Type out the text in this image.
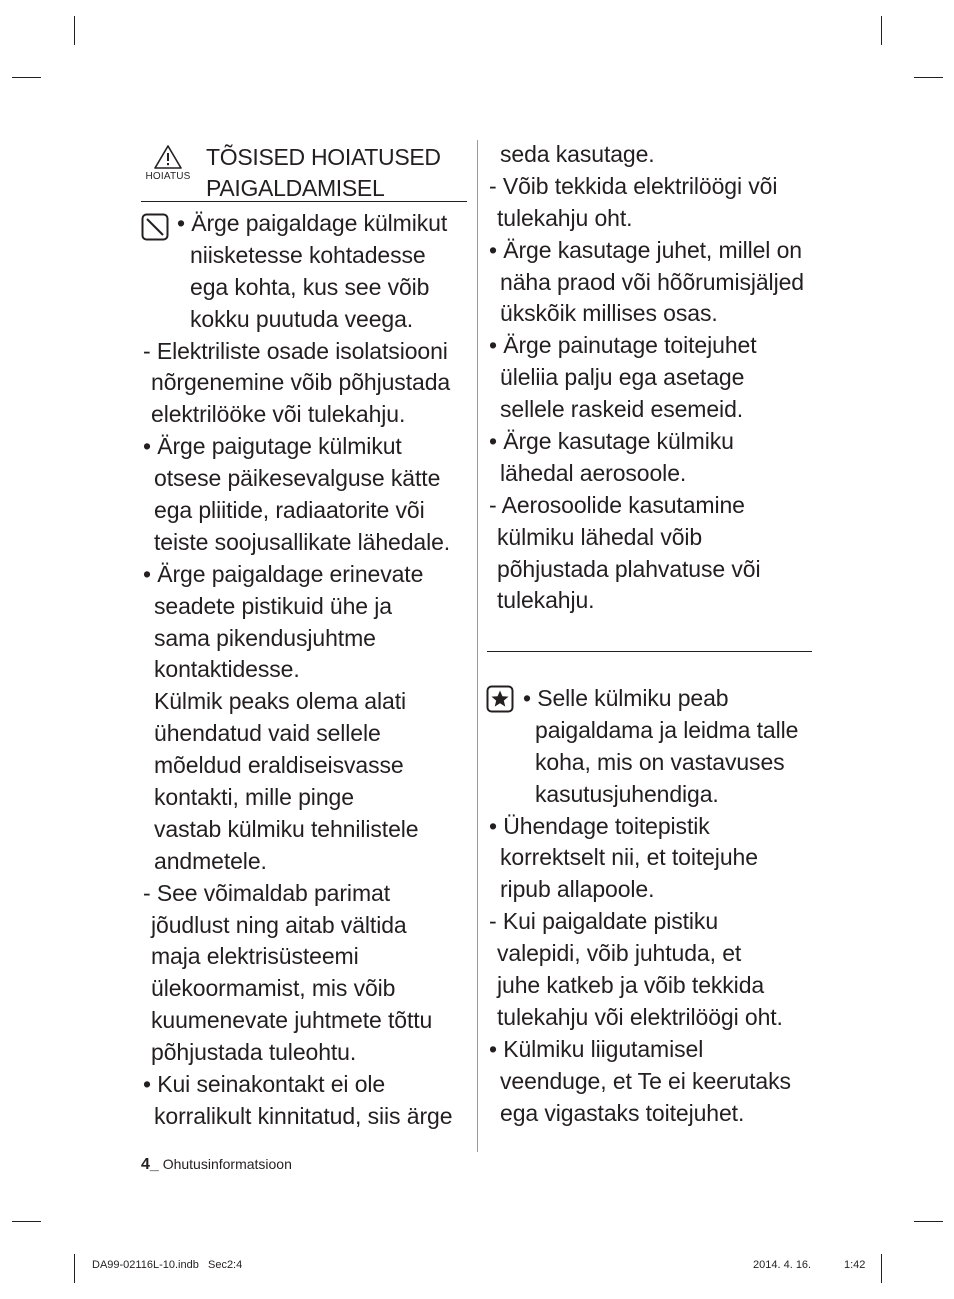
HOIATUS
TÕSISED HOIATUSED
PAIGALDAMISEL
• Ärge paigaldage külmikut
niisketesse kohtadesse
ega kohta, kus see võib
kokku puutuda veega.
- Elektriliste osade isolatsiooni
nõrgenemine võib põhjustada
elektrilööke või tulekahju.
• Ärge paigutage külmikut
otsese päikesevalguse kätte
ega pliitide, radiaatorite või
teiste soojusallikate lähedale.
• Ärge paigaldage erinevate
seadete pistikuid ühe ja
sama pikendusjuhtme
kontaktidesse.
Külmik peaks olema alati
ühendatud vaid sellele
mõeldud eraldiseisvasse
kontakti, mille pinge
vastab külmiku tehnilistele
andmetele.
- See võimaldab parimat
jõudlust ning aitab vältida
maja elektrisüsteemi
ülekoormamist, mis võib
kuumenevate juhtmete tõttu
põhjustada tuleohtu.
• Kui seinakontakt ei ole
korralikult kinnitatud, siis ärge
seda kasutage.
- Võib tekkida elektrilöögi või
tulekahju oht.
• Ärge kasutage juhet, millel on
näha praod või hõõrumisjäljed
ükskõik millises osas.
• Ärge painutage toitejuhet
üleliia palju ega asetage
sellele raskeid esemeid.
• Ärge kasutage külmiku
lähedal aerosoole.
- Aerosoolide kasutamine
külmiku lähedal võib
põhjustada plahvatuse või
tulekahju.
• Selle külmiku peab
paigaldama ja leidma talle
koha, mis on vastavuses
kasutusjuhendiga.
• Ühendage toitepistik
korrektselt nii, et toitejuhe
ripub allapoole.
- Kui paigaldate pistiku
valepidi, võib juhtuda, et
juhe katkeb ja võib tekkida
tulekahju või elektrilöögi oht.
• Külmiku liigutamisel
veenduge, et Te ei keerutaks
ega vigastaks toitejuhet.
4_ Ohutusinformatsioon
DA99-02116L-10.indb   Sec2:4	2014. 4. 16.	1:42
